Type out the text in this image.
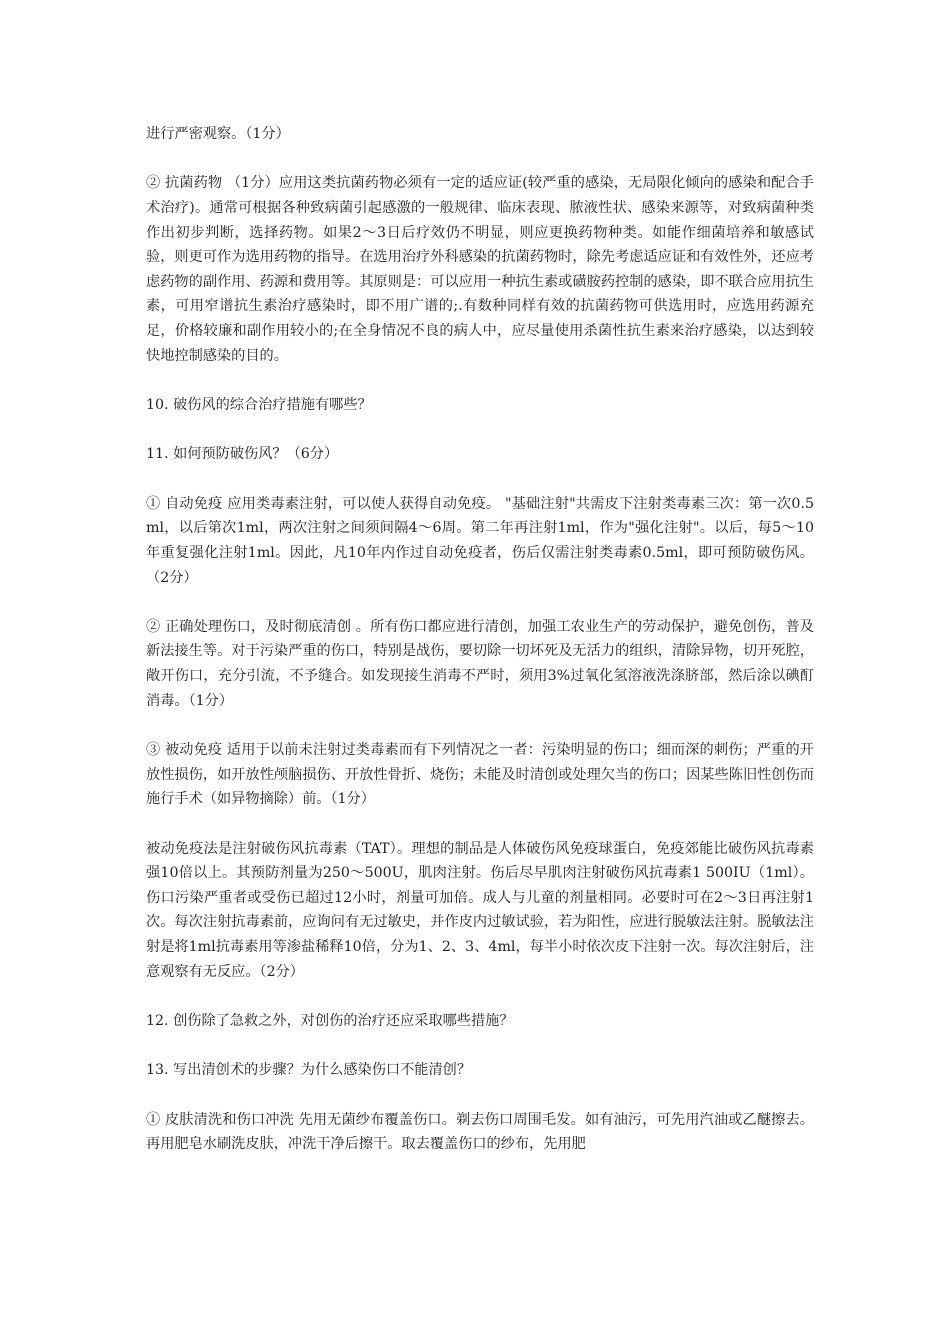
进行严密观察。（1分）

② 抗菌药物 （1分）应用这类抗菌药物必须有一定的适应证(较严重的感染，无局限化倾向的感染和配合手术治疗)。通常可根据各种致病菌引起感激的一般规律、临床表现、脓液性状、感染来源等，对致病菌种类作出初步判断，选择药物。如果2～3日后疗效仍不明显，则应更换药物种类。如能作细菌培养和敏感试验，则更可作为选用药物的指导。在选用治疗外科感染的抗菌药物时，除先考虑适应证和有效性外，还应考虑药物的副作用、药源和费用等。其原则是：可以应用一种抗生素或磺胺药控制的感染，即不联合应用抗生素，可用窄谱抗生素治疗感染时，即不用广谱的;.有数种同样有效的抗菌药物可供选用时，应选用药源充足，价格较廉和副作用较小的;在全身情况不良的病人中，应尽量使用杀菌性抗生素来治疗感染，以达到较快地控制感染的目的。

10. 破伤风的综合治疗措施有哪些？

11. 如何预防破伤风？（6分）

① 自动免疫 应用类毒素注射，可以使人获得自动免疫。 "基础注射"共需皮下注射类毒素三次：第一次0.5ml，以后第次1ml，两次注射之间须间隔4～6周。第二年再注射1ml，作为"强化注射"。以后，每5～10年重复强化注射1ml。因此，凡10年内作过自动免疫者，伤后仅需注射类毒素0.5ml，即可预防破伤风。（2分）

② 正确处理伤口，及时彻底清创 。所有伤口都应进行清创，加强工农业生产的劳动保护，避免创伤，普及新法接生等。对于污染严重的伤口，特别是战伤，要切除一切坏死及无活力的组织，清除异物，切开死腔，敞开伤口，充分引流，不予缝合。如发现接生消毒不严时，须用3%过氧化氢溶液洗涤脐部，然后涂以碘酊消毒。（1分）

③ 被动免疫 适用于以前未注射过类毒素而有下列情况之一者：污染明显的伤口；细而深的刺伤；严重的开放性损伤，如开放性颅脑损伤、开放性骨折、烧伤；未能及时清创或处理欠当的伤口；因某些陈旧性创伤而施行手术（如异物摘除）前。（1分）

被动免疫法是注射破伤风抗毒素（TAT）。理想的制品是人体破伤风免疫球蛋白，免疫郊能比破伤风抗毒素强10倍以上。其预防剂量为250～500U，肌肉注射。伤后尽早肌肉注射破伤风抗毒素1 500IU（1ml）。伤口污染严重者或受伤已超过12小时，剂量可加倍。成人与儿童的剂量相同。必要时可在2～3日再注射1次。每次注射抗毒素前，应询问有无过敏史，并作皮内过敏试验，若为阳性，应进行脱敏法注射。脱敏法注射是将1ml抗毒素用等渗盐稀释10倍，分为1、2、3、4ml，每半小时依次皮下注射一次。每次注射后，注意观察有无反应。（2分）

12. 创伤除了急救之外，对创伤的治疗还应采取哪些措施？

13. 写出清创术的步骤？为什么感染伤口不能清创？

① 皮肤清洗和伤口冲洗 先用无菌纱布覆盖伤口。剃去伤口周围毛发。如有油污，可先用汽油或乙醚擦去。再用肥皂水刷洗皮肤，冲洗干净后擦干。取去覆盖伤口的纱布，先用肥
